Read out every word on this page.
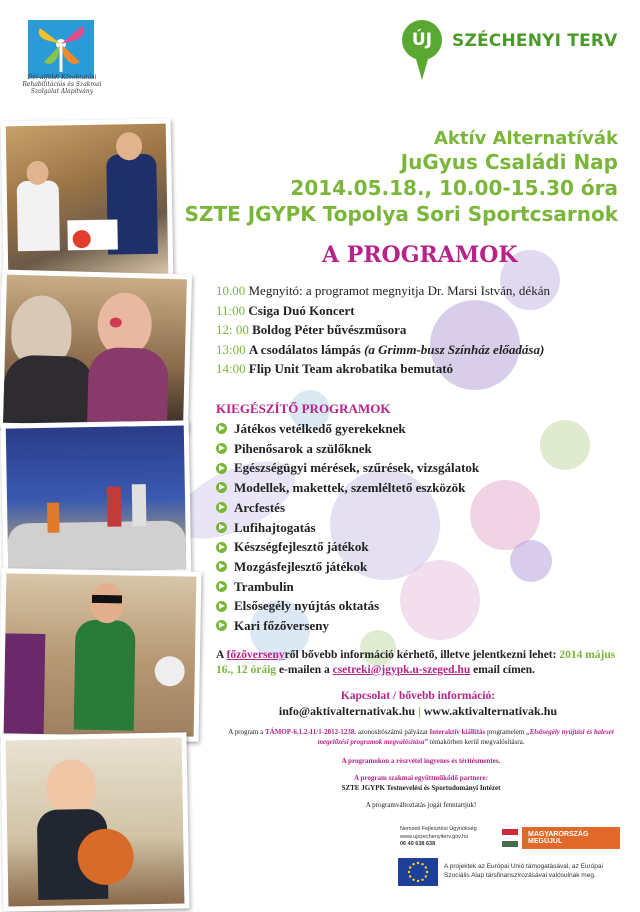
Dél-alföldi Közoktatási Rehabilitációs és Szakmai Szolgálat Alapítvány
ÚJ	SZÉCHENYI TERV
Aktív Alternatívák
JuGyus Családi Nap
2014.05.18., 10.00-15.30 óra
SZTE JGYPK Topolya Sori Sportcsarnok
A PROGRAMOK
10.00 Megnyitó: a programot megnyitja Dr. Marsi István, dékán
11:00 Csiga Duó Koncert
12: 00 Boldog Péter bűvészműsora
13:00 A csodálatos lámpás (a Grimm-busz Színház előadása)
14:00 Flip Unit Team akrobatika bemutató
KIEGÉSZÍTŐ PROGRAMOK
Játékos vetélkedő gyerekeknek
Pihenősarok a szülőknek
Egészségügyi mérések, szűrések, vizsgálatok
Modellek, makettek, szemléltető eszközök
Arcfestés
Lufihajtogatás
Készségfejlesztő játékok
Mozgásfejlesztő játékok
Trambulin
Elsősegély nyújtás oktatás
Kari főzőverseny
A főzőversenyről bővebb információ kérhető, illetve jelentkezni lehet: 2014 május 16., 12 óráig e-mailen a csetreki@jgypk.u-szeged.hu email címen.
Kapcsolat / bővebb információ:
info@aktivalternativak.hu | www.aktivalternativak.hu
A program a TÁMOP-6.1.2-11/1-2012-1238. azonosítószámú pályázat Interaktív kiállítás programelem „Elsősegély nyújtási és baleset megelőzési programok megvalósítása” témakörben kerül megvalósításra.
A programokon a részvétel ingyenes és térítésmentes.
A program szakmai együttműködő partnere:
SZTE JGYPK Testnevelési és Sportudományi Intézet
A programváltoztatás jogát fenntartjuk!
Nemzeti Fejlesztési Ügynökség
www.ujszechenyiterv.gov.hu
06 40 638 638
MAGYARORSZÁG MEGÚJUL
A projektek az Európai Unió támogatásával, az Európai Szociális Alap társfinanszírozásával valósulnak meg.
